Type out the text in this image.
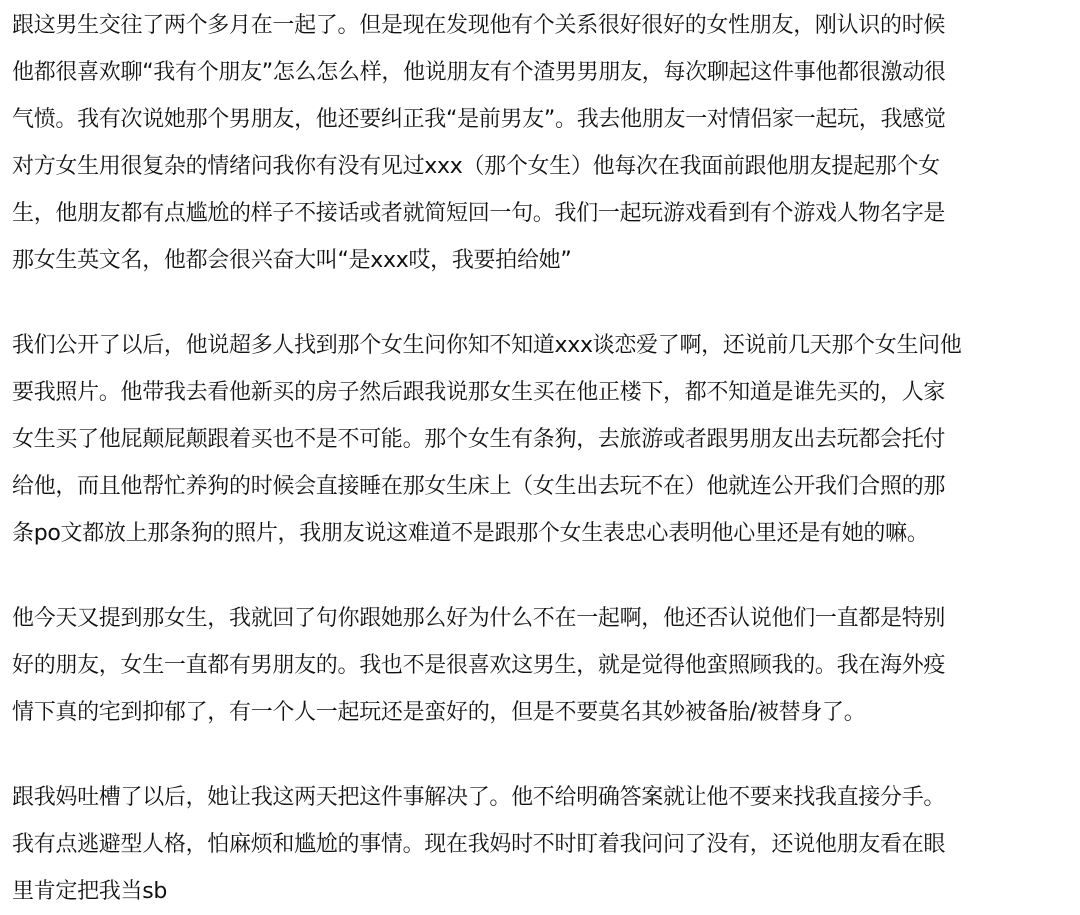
跟这男生交往了两个多月在一起了。但是现在发现他有个关系很好很好的女性朋友，刚认识的时候
他都很喜欢聊“我有个朋友”怎么怎么样，他说朋友有个渣男男朋友，每次聊起这件事他都很激动很
气愤。我有次说她那个男朋友，他还要纠正我“是前男友”。我去他朋友一对情侣家一起玩，我感觉
对方女生用很复杂的情绪问我你有没有见过xxx（那个女生）他每次在我面前跟他朋友提起那个女
生，他朋友都有点尴尬的样子不接话或者就简短回一句。我们一起玩游戏看到有个游戏人物名字是
那女生英文名，他都会很兴奋大叫“是xxx哎，我要拍给她”
我们公开了以后，他说超多人找到那个女生问你知不知道xxx谈恋爱了啊，还说前几天那个女生问他
要我照片。他带我去看他新买的房子然后跟我说那女生买在他正楼下，都不知道是谁先买的，人家
女生买了他屁颠屁颠跟着买也不是不可能。那个女生有条狗，去旅游或者跟男朋友出去玩都会托付
给他，而且他帮忙养狗的时候会直接睡在那女生床上（女生出去玩不在）他就连公开我们合照的那
条po文都放上那条狗的照片，我朋友说这难道不是跟那个女生表忠心表明他心里还是有她的嘛。
他今天又提到那女生，我就回了句你跟她那么好为什么不在一起啊，他还否认说他们一直都是特别
好的朋友，女生一直都有男朋友的。我也不是很喜欢这男生，就是觉得他蛮照顾我的。我在海外疫
情下真的宅到抑郁了，有一个人一起玩还是蛮好的，但是不要莫名其妙被备胎/被替身了。
跟我妈吐槽了以后，她让我这两天把这件事解决了。他不给明确答案就让他不要来找我直接分手。
我有点逃避型人格，怕麻烦和尴尬的事情。现在我妈时不时盯着我问问了没有，还说他朋友看在眼
里肯定把我当sb
